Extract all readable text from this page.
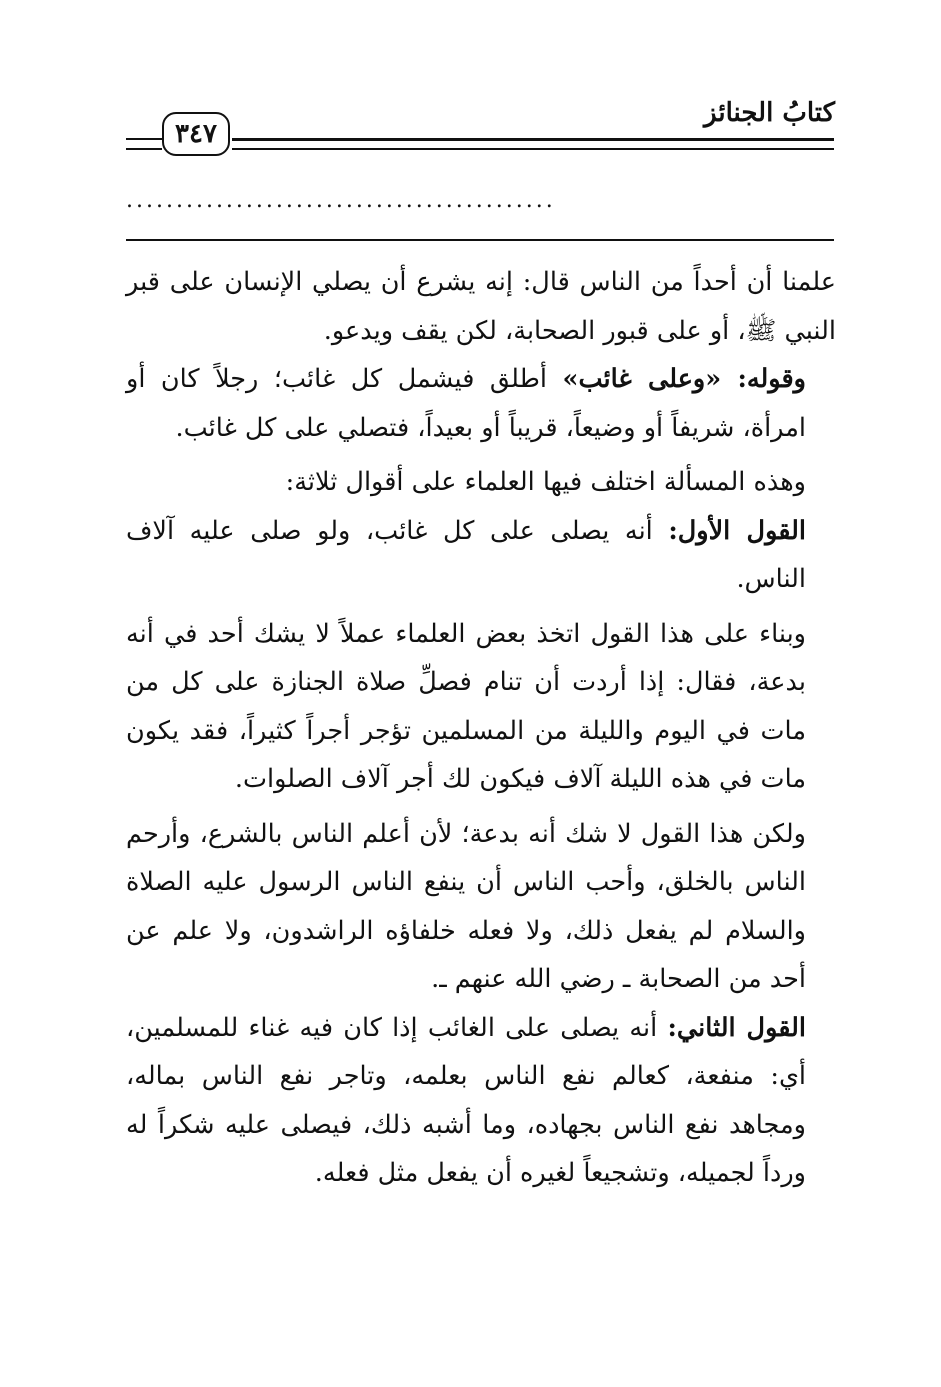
كتابُ الجنائز
٣٤٧
...........................................

علمنا أن أحداً من الناس قال: إنه يشرع أن يصلي الإنسان على قبر النبي ﷺ، أو على قبور الصحابة، لكن يقف ويدعو.

وقوله: «وعلى غائب» أطلق فيشمل كل غائب؛ رجلاً كان أو امرأة، شريفاً أو وضيعاً، قريباً أو بعيداً، فتصلي على كل غائب.

وهذه المسألة اختلف فيها العلماء على أقوال ثلاثة:

القول الأول: أنه يصلى على كل غائب، ولو صلى عليه آلاف الناس.

وبناء على هذا القول اتخذ بعض العلماء عملاً لا يشك أحد في أنه بدعة، فقال: إذا أردت أن تنام فصلِّ صلاة الجنازة على كل من مات في اليوم والليلة من المسلمين تؤجر أجراً كثيراً، فقد يكون مات في هذه الليلة آلاف فيكون لك أجر آلاف الصلوات.

ولكن هذا القول لا شك أنه بدعة؛ لأن أعلم الناس بالشرع، وأرحم الناس بالخلق، وأحب الناس أن ينفع الناس الرسول عليه الصلاة والسلام لم يفعل ذلك، ولا فعله خلفاؤه الراشدون، ولا علم عن أحد من الصحابة ـ رضي الله عنهم ـ.

القول الثاني: أنه يصلى على الغائب إذا كان فيه غناء للمسلمين، أي: منفعة، كعالم نفع الناس بعلمه، وتاجر نفع الناس بماله، ومجاهد نفع الناس بجهاده، وما أشبه ذلك، فيصلى عليه شكراً له ورداً لجميله، وتشجيعاً لغيره أن يفعل مثل فعله.
